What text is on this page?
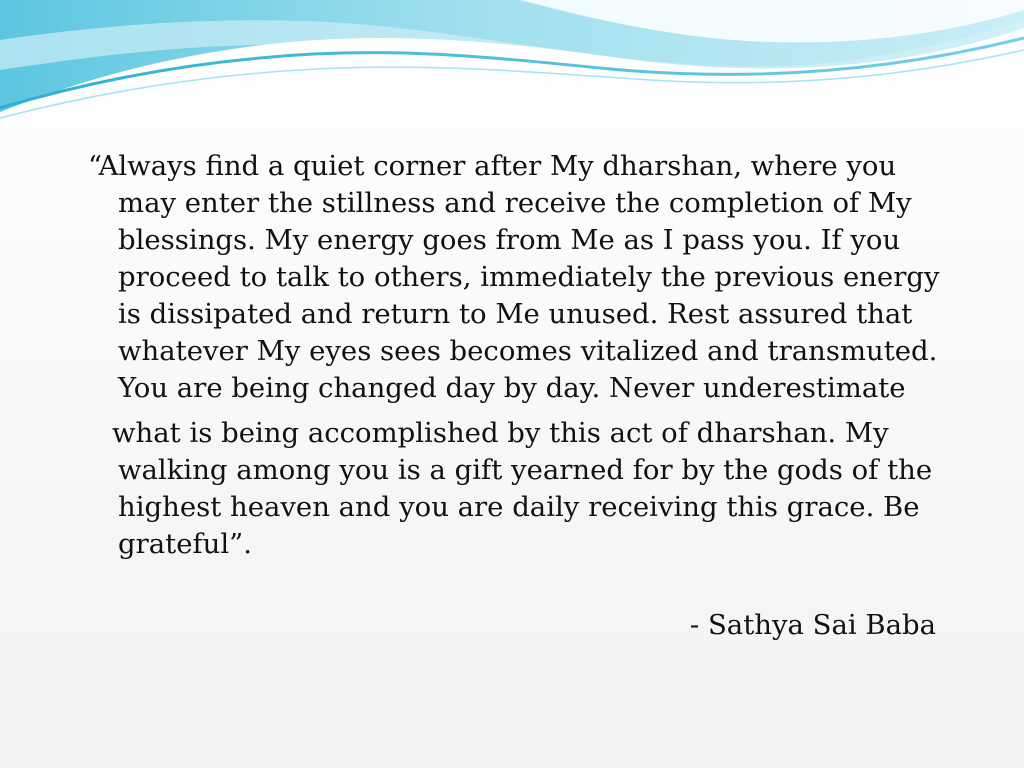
“Always find a quiet corner after My dharshan, where you may enter the stillness and receive the completion of My blessings. My energy goes from Me as I pass you. If you proceed to talk to others, immediately the previous energy is dissipated and return to Me unused. Rest assured that whatever My eyes sees becomes vitalized and transmuted. You are being changed day by day. Never underestimate

what is being accomplished by this act of dharshan. My walking among you is a gift yearned for by the gods of the highest heaven and you are daily receiving this grace. Be grateful”.

- Sathya Sai Baba
